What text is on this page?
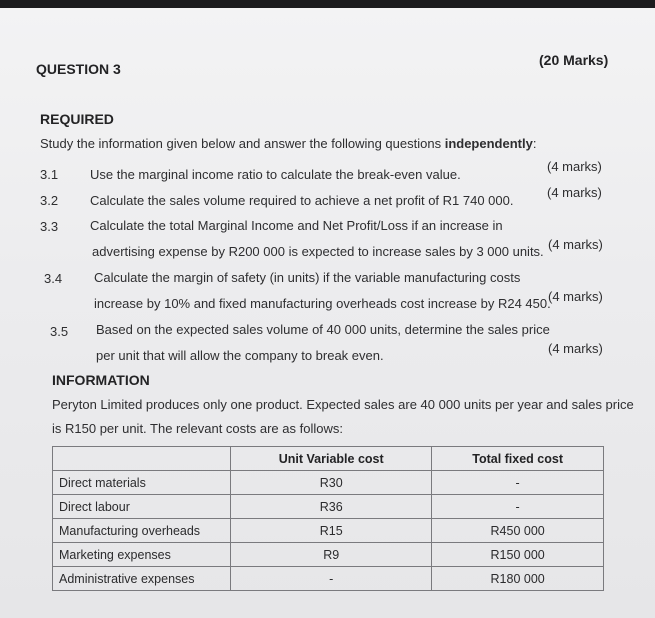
QUESTION 3
(20 Marks)
REQUIRED
Study the information given below and answer the following questions independently:
3.1 Use the marginal income ratio to calculate the break-even value.
(4 marks)
3.2 Calculate the sales volume required to achieve a net profit of R1 740 000.
(4 marks)
3.3 Calculate the total Marginal Income and Net Profit/Loss if an increase in
advertising expense by R200 000 is expected to increase sales by 3 000 units. (4 marks)
3.4 Calculate the margin of safety (in units) if the variable manufacturing costs
increase by 10% and fixed manufacturing overheads cost increase by R24 450.
(4 marks)
3.5 Based on the expected sales volume of 40 000 units, determine the sales price
per unit that will allow the company to break even.	(4 marks)
INFORMATION
Peryton Limited produces only one product. Expected sales are 40 000 units per year and sales price
is R150 per unit. The relevant costs are as follows:
	Unit Variable cost	Total fixed cost
Direct materials	R30	-
Direct labour	R36	-
Manufacturing overheads	R15	R450 000
Marketing expenses	R9	R150 000
Administrative expenses	-	R180 000
